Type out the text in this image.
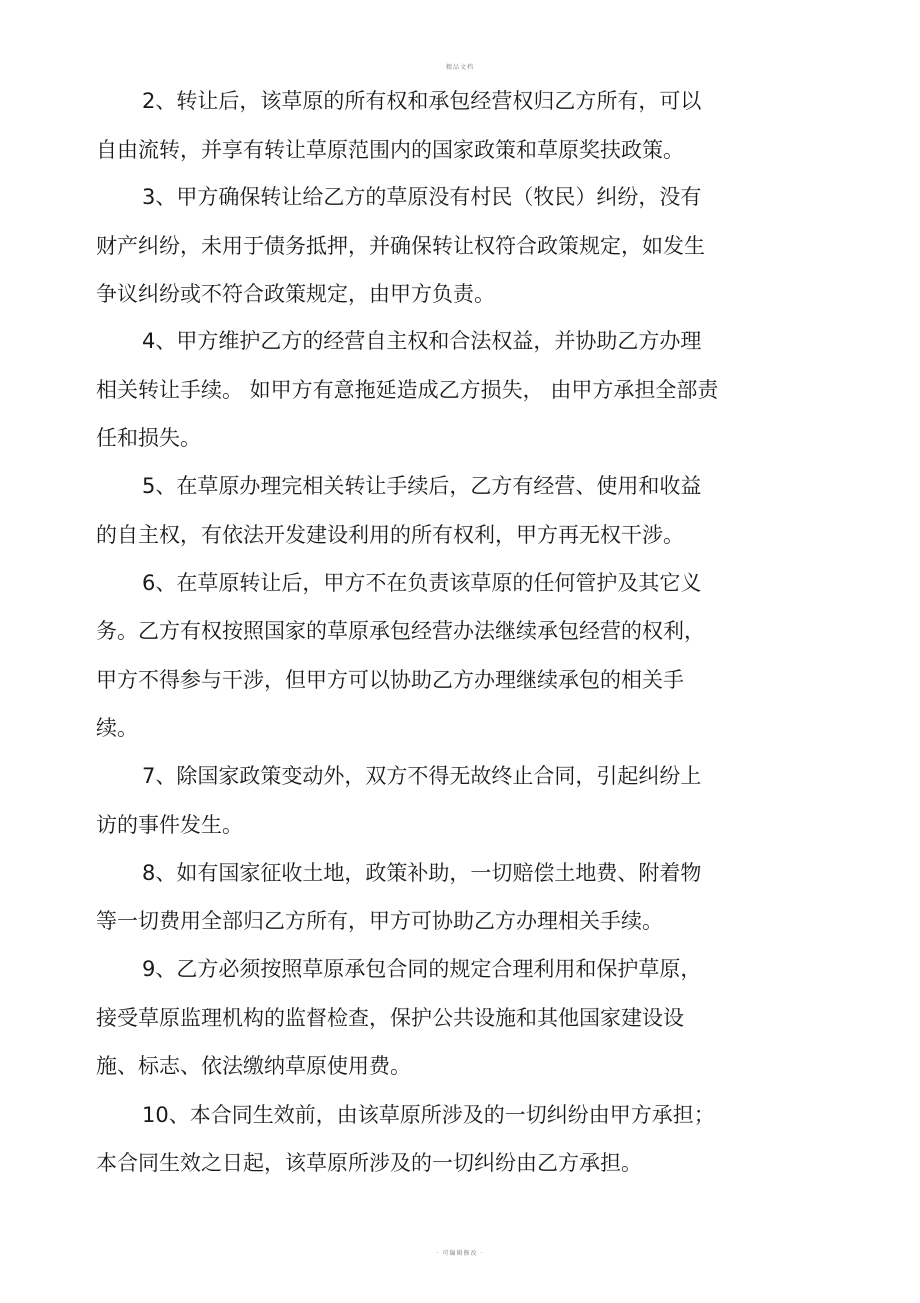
精品文档
2、转让后，该草原的所有权和承包经营权归乙方所有，可以
自由流转，并享有转让草原范围内的国家政策和草原奖扶政策。
3、甲方确保转让给乙方的草原没有村民（牧民）纠纷，没有
财产纠纷，未用于债务抵押，并确保转让权符合政策规定，如发生
争议纠纷或不符合政策规定，由甲方负责。
4、甲方维护乙方的经营自主权和合法权益，并协助乙方办理
相关转让手续。 如甲方有意拖延造成乙方损失， 由甲方承担全部责
任和损失。
5、在草原办理完相关转让手续后，乙方有经营、使用和收益
的自主权，有依法开发建设利用的所有权利，甲方再无权干涉。
6、在草原转让后，甲方不在负责该草原的任何管护及其它义
务。乙方有权按照国家的草原承包经营办法继续承包经营的权利，
甲方不得参与干涉，但甲方可以协助乙方办理继续承包的相关手
续。
7、除国家政策变动外，双方不得无故终止合同，引起纠纷上
访的事件发生。
8、如有国家征收土地，政策补助，一切赔偿土地费、附着物
等一切费用全部归乙方所有，甲方可协助乙方办理相关手续。
9、乙方必须按照草原承包合同的规定合理利用和保护草原，
接受草原监理机构的监督检查，保护公共设施和其他国家建设设
施、标志、依法缴纳草原使用费。
10、本合同生效前，由该草原所涉及的一切纠纷由甲方承担；
本合同生效之日起，该草原所涉及的一切纠纷由乙方承担。
· 可编辑修改 ·
